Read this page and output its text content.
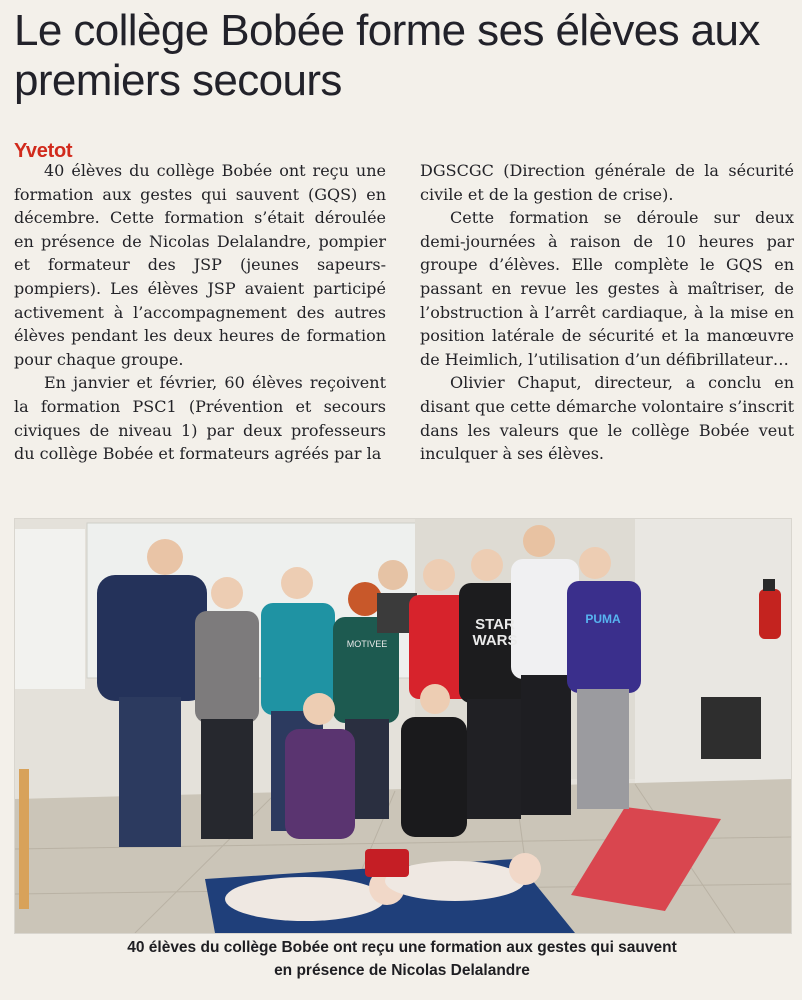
Le collège Bobée forme ses élèves aux premiers secours
Yvetot

40 élèves du collège Bobée ont reçu une formation aux gestes qui sauvent (GQS) en décembre. Cette formation s’était déroulée en présence de Nicolas Delalandre, pompier et formateur des JSP (jeunes sapeurs-pompiers). Les élèves JSP avaient participé activement à l’accompagnement des autres élèves pendant les deux heures de formation pour chaque groupe.

En janvier et février, 60 élèves reçoivent la formation PSC1 (Prévention et secours civiques de niveau 1) par deux professeurs du collège Bobée et formateurs agréés par la

DGSCGC (Direction générale de la sécurité civile et de la gestion de crise).

Cette formation se déroule sur deux demi-journées à raison de 10 heures par groupe d’élèves. Elle complète le GQS en passant en revue les gestes à maîtriser, de l’obstruction à l’arrêt cardiaque, à la mise en position latérale de sécurité et la manœuvre de Heimlich, l’utilisation d’un défibrillateur…

Olivier Chaput, directeur, a conclu en disant que cette démarche volontaire s’inscrit dans les valeurs que le collège Bobée veut inculquer à ses élèves.

STAR
WARS
MOTIVEE
PUMA
40 élèves du collège Bobée ont reçu une formation aux gestes qui sauvent
en présence de Nicolas Delalandre
